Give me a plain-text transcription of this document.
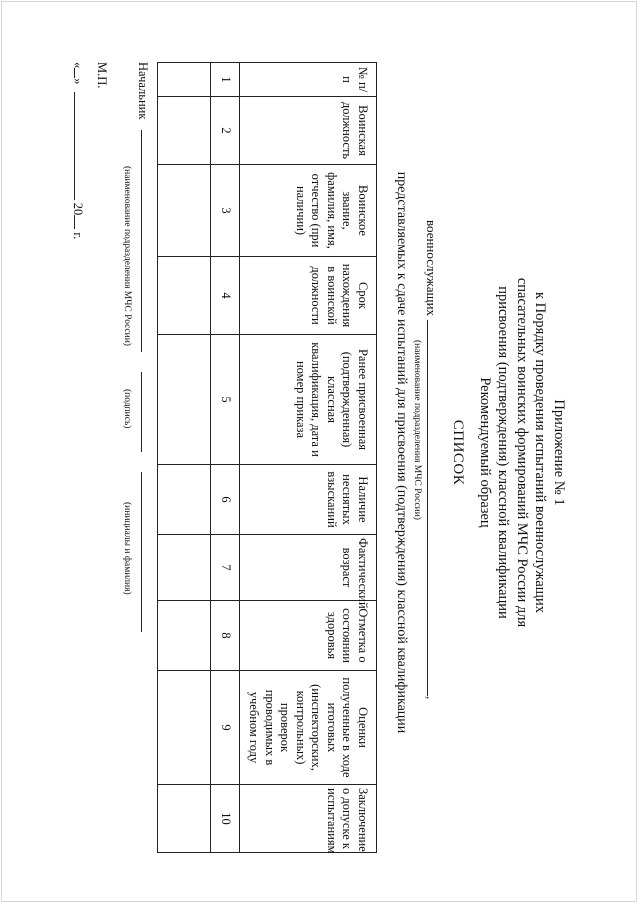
Приложение № 1
к Порядку проведения испытаний военнослужащих
спасательных воинских формирований МЧС России для
присвоения (подтверждения) классной квалификации
Рекомендуемый образец
СПИСОК
военнослужащих,
(наименование подразделения МЧС России)
представляемых к сдаче испытаний для присвоения (подтверждения) классной квалификации
№ п/п	Воинская должность	Воинское звание, фамилия, имя, отчество (при наличии)	Срок нахождения в воинской должности	Ранее присвоенная (подтвержденная) классная квалификация, дата и номер приказа	Наличие неснятых взысканий	Фактический возраст	Отметка о состоянии здоровья	Оценки полученные в ходе итоговых (инспекторских, контрольных) проверок проводимых в учебном году	Заключение о допуске к испытаниям
1	2	3	4	5	6	7	8	9	10

Начальник
(наименование подразделения МЧС России)
(подпись)
(инициалы и фамилия)
М.П.
«»  20 г.
